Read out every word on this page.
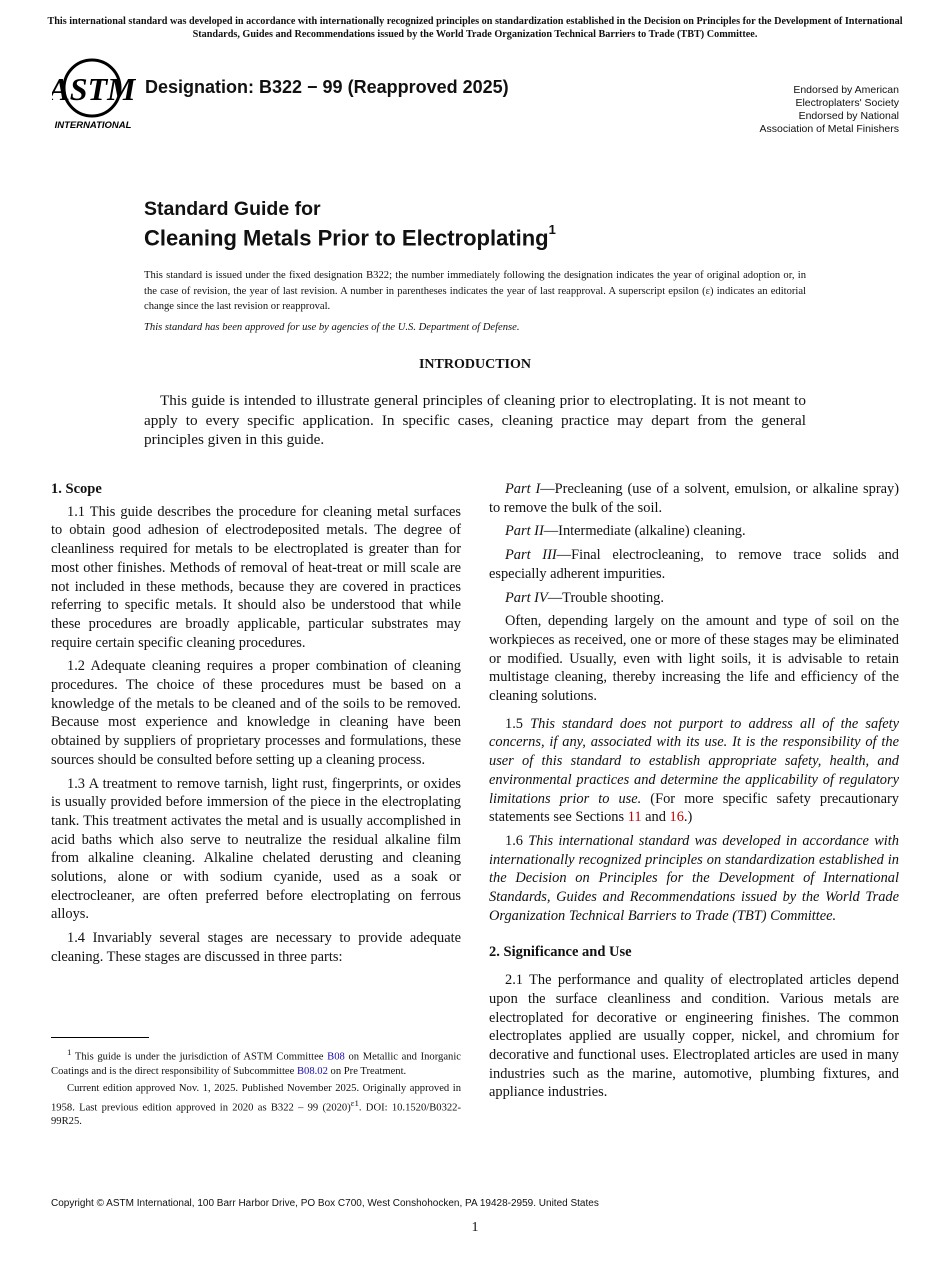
This international standard was developed in accordance with internationally recognized principles on standardization established in the Decision on Principles for the Development of International Standards, Guides and Recommendations issued by the World Trade Organization Technical Barriers to Trade (TBT) Committee.
ASTM
INTERNATIONAL
Designation: B322 − 99 (Reapproved 2025)	Endorsed by American
Electroplaters' Society
Endorsed by National
Association of Metal Finishers
Standard Guide for
Cleaning Metals Prior to Electroplating$^1$
This standard is issued under the fixed designation B322; the number immediately following the designation indicates the year of original adoption or, in the case of revision, the year of last revision. A number in parentheses indicates the year of last reapproval. A superscript epsilon (ε) indicates an editorial change since the last revision or reapproval.
This standard has been approved for use by agencies of the U.S. Department of Defense.
INTRODUCTION
This guide is intended to illustrate general principles of cleaning prior to electroplating. It is not meant to apply to every specific application. In specific cases, cleaning practice may depart from the general principles given in this guide.
1. Scope

1.1 This guide describes the procedure for cleaning metal surfaces to obtain good adhesion of electrodeposited metals. The degree of cleanliness required for metals to be electroplated is greater than for most other finishes. Methods of removal of heat-treat or mill scale are not included in these methods, because they are covered in practices referring to specific metals. It should also be understood that while these procedures are broadly applicable, particular substrates may require certain specific cleaning procedures.

1.2 Adequate cleaning requires a proper combination of cleaning procedures. The choice of these procedures must be based on a knowledge of the metals to be cleaned and of the soils to be removed. Because most experience and knowledge in cleaning have been obtained by suppliers of proprietary processes and formulations, these sources should be consulted before setting up a cleaning process.

1.3 A treatment to remove tarnish, light rust, fingerprints, or oxides is usually provided before immersion of the piece in the electroplating tank. This treatment activates the metal and is usually accomplished in acid baths which also serve to neutralize the residual alkaline film from alkaline cleaning. Alkaline chelated derusting and cleaning solutions, alone or with sodium cyanide, used as a soak or electrocleaner, are often preferred before electroplating on ferrous alloys.

1.4 Invariably several stages are necessary to provide adequate cleaning. These stages are discussed in three parts:

Part I—Precleaning (use of a solvent, emulsion, or alkaline spray) to remove the bulk of the soil.

Part II—Intermediate (alkaline) cleaning.

Part III—Final electrocleaning, to remove trace solids and especially adherent impurities.

Part IV—Trouble shooting.

Often, depending largely on the amount and type of soil on the workpieces as received, one or more of these stages may be eliminated or modified. Usually, even with light soils, it is advisable to retain multistage cleaning, thereby increasing the life and efficiency of the cleaning solutions.

1.5 This standard does not purport to address all of the safety concerns, if any, associated with its use. It is the responsibility of the user of this standard to establish appropriate safety, health, and environmental practices and determine the applicability of regulatory limitations prior to use. (For more specific safety precautionary statements see Sections 11 and 16.)

1.6 This international standard was developed in accordance with internationally recognized principles on standardization established in the Decision on Principles for the Development of International Standards, Guides and Recommendations issued by the World Trade Organization Technical Barriers to Trade (TBT) Committee.

2. Significance and Use

2.1 The performance and quality of electroplated articles depend upon the surface cleanliness and condition. Various metals are electroplated for decorative or engineering finishes. The common electroplates applied are usually copper, nickel, and chromium for decorative and functional uses. Electroplated articles are used in many industries such as the marine, automotive, plumbing fixtures, and appliance industries.

$^1$ This guide is under the jurisdiction of ASTM Committee B08 on Metallic and Inorganic Coatings and is the direct responsibility of Subcommittee B08.02 on Pre Treatment.

Current edition approved Nov. 1, 2025. Published November 2025. Originally approved in 1958. Last previous edition approved in 2020 as B322 – 99 $(2020)^{\varepsilon 1}$. DOI: 10.1520/B0322-99R25.

Copyright © ASTM International, 100 Barr Harbor Drive, PO Box C700, West Conshohocken, PA 19428-2959. United States
1
